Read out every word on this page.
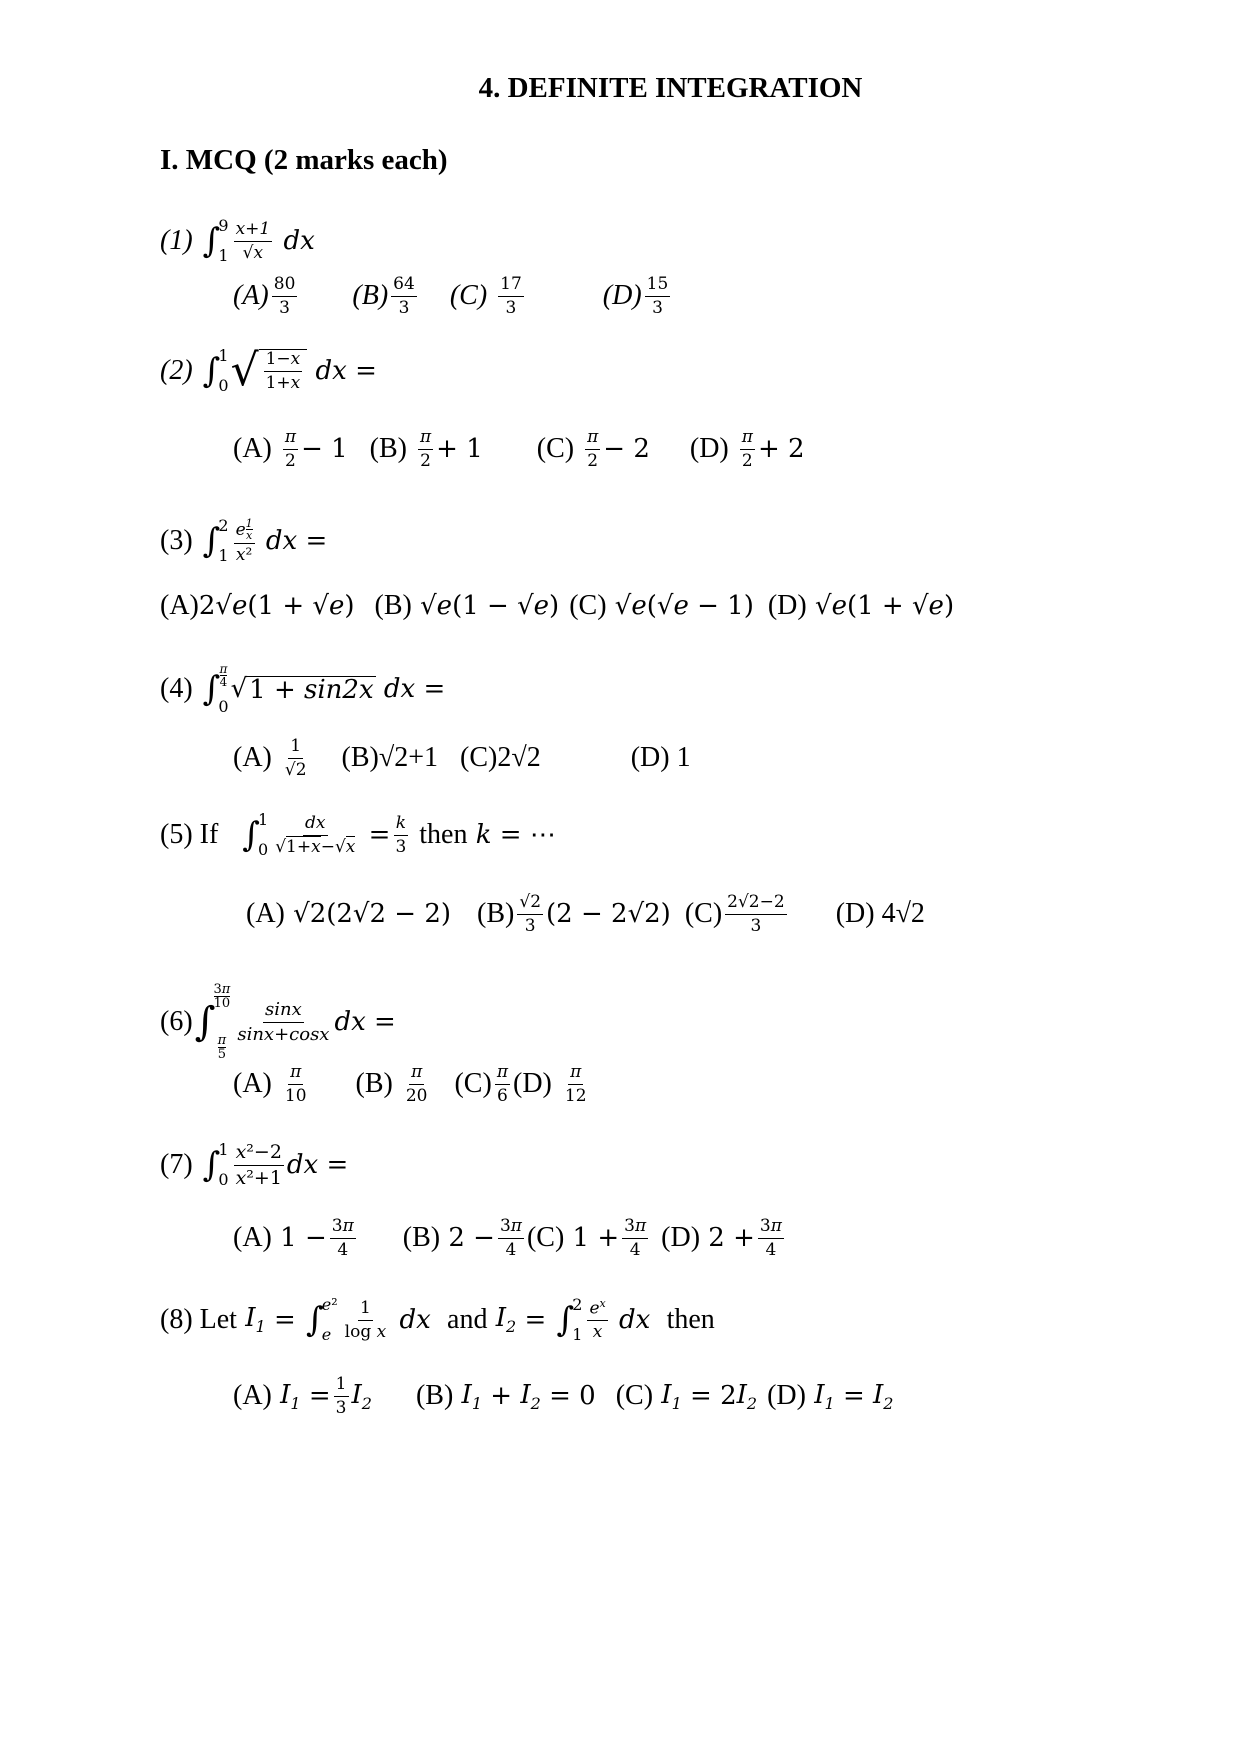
4. DEFINITE INTEGRATION
I. MCQ (2 marks each)
(1) ∫
9
$1 \frac{x+1}{√x}$ dx
$(A) \frac{80}{3} (B) \frac{64}{3} (C) \frac{17}{3}$	$(D) \frac{15}{3}$
(2) ∫
1
0 √ $\frac{1-x}{1+x}$ dx =
$(A) \frac{\pi}{2} - 1$ $(B) \frac{\pi}{2} + 1$ $(C) \frac{\pi}{2} - 2$ $(D) \frac{\pi}{2} + 2$
(3) ∫
2
1 e $^{\frac{1}{x}}$
x² dx =
(A) 2√e(1 + √e) (B) √e(1 − √e) (C) √e(√e − 1) (D) √e(1 + √e)
(4) ∫ π
4
0
√ 1 + sin2x dx =
$(A) \frac{1}{√2} (B)$ √2+1 (C) 2√2	(D) 1
(5) If ∫
1
$0 \frac{dx}{√1+x-√x} = \frac{k}{3}$ then k = ⋯
(A) √2(2√2 − 2) $(B) \frac{√2}{3} (2 - 2√2)$ $(C) \frac{2√2-2}{3} (D)$ 4√2
(6) ∫
3π
10
π
5
$\frac{\sin x}{\sin x+\cos x}$ dx =
$(A) \frac{\pi}{10} (B) \frac{\pi}{20} (C) \frac{\pi}{6} (D) \frac{\pi}{12}$
(7) ∫
1
$0 \frac{\text{x²−2}}{\text{x²+1}}$ dx =
(A) $1 - \frac{3\pi}{4} (B) 2 - \frac{3\pi}{4} (C) 1 + \frac{3\pi}{4} (D) 2 + \frac{3\pi}{4}$
(8) Let $I_1$ = ∫
e²
e $\frac{1}{\text{log x}}$ dx and $I_2$ = ∫
2
$1 \frac{e^x}{x}$ dx then
(A) $I_1 = \frac{1}{3} I_2$ (B) $I_1 + I_2 = 0$ (C) $I_1 = 2$ $I_2$ (D) $I_1 = I_2$
